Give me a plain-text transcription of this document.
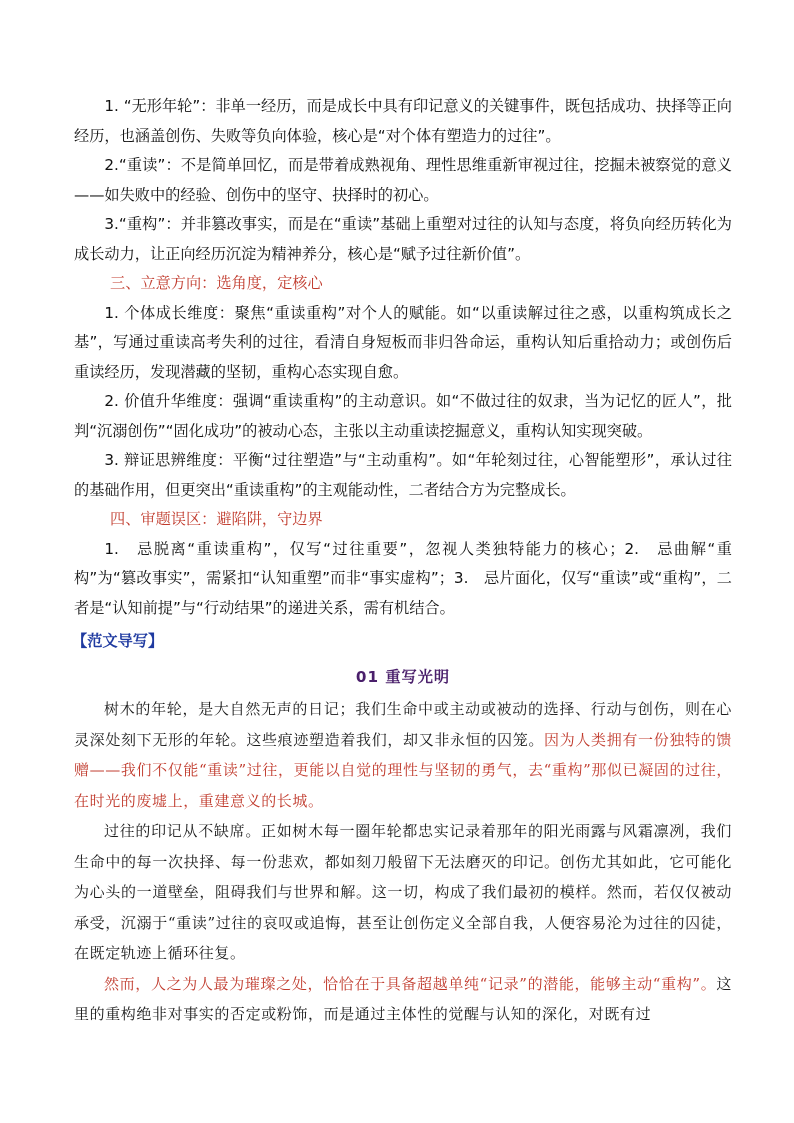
1. “无形年轮”：非单一经历，而是成长中具有印记意义的关键事件，既包括成功、抉择等正向经历，也涵盖创伤、失败等负向体验，核心是“对个体有塑造力的过往”。

2.“重读”：不是简单回忆，而是带着成熟视角、理性思维重新审视过往，挖掘未被察觉的意义——如失败中的经验、创伤中的坚守、抉择时的初心。

3.“重构”：并非篡改事实，而是在“重读”基础上重塑对过往的认知与态度，将负向经历转化为成长动力，让正向经历沉淀为精神养分，核心是“赋予过往新价值”。

三、立意方向：选角度，定核心

1. 个体成长维度：聚焦“重读重构”对个人的赋能。如“以重读解过往之惑，以重构筑成长之基”，写通过重读高考失利的过往，看清自身短板而非归咎命运，重构认知后重拾动力；或创伤后重读经历，发现潜藏的坚韧，重构心态实现自愈。

2. 价值升华维度：强调“重读重构”的主动意识。如“不做过往的奴隶，当为记忆的匠人”，批判“沉溺创伤”“固化成功”的被动心态，主张以主动重读挖掘意义，重构认知实现突破。

3. 辩证思辨维度：平衡“过往塑造”与“主动重构”。如“年轮刻过往，心智能塑形”，承认过往的基础作用，但更突出“重读重构”的主观能动性，二者结合方为完整成长。

四、审题误区：避陷阱，守边界

1.　忌脱离“重读重构”，仅写“过往重要”，忽视人类独特能力的核心；2.　忌曲解“重构”为“篡改事实”，需紧扣“认知重塑”而非“事实虚构”；3.　忌片面化，仅写“重读”或“重构”，二者是“认知前提”与“行动结果”的递进关系，需有机结合。

【范文导写】

01 重写光明

树木的年轮，是大自然无声的日记；我们生命中或主动或被动的选择、行动与创伤，则在心灵深处刻下无形的年轮。这些痕迹塑造着我们，却又非永恒的囚笼。因为人类拥有一份独特的馈赠——我们不仅能“重读”过往，更能以自觉的理性与坚韧的勇气，去“重构”那似已凝固的过往，在时光的废墟上，重建意义的长城。

过往的印记从不缺席。正如树木每一圈年轮都忠实记录着那年的阳光雨露与风霜凛冽，我们生命中的每一次抉择、每一份悲欢，都如刻刀般留下无法磨灭的印记。创伤尤其如此，它可能化为心头的一道壁垒，阻碍我们与世界和解。这一切，构成了我们最初的模样。然而，若仅仅被动承受，沉溺于“重读”过往的哀叹或追悔，甚至让创伤定义全部自我，人便容易沦为过往的囚徒，在既定轨迹上循环往复。

然而，人之为人最为璀璨之处，恰恰在于具备超越单纯“记录”的潜能，能够主动“重构”。这里的重构绝非对事实的否定或粉饰，而是通过主体性的觉醒与认知的深化，对既有过
